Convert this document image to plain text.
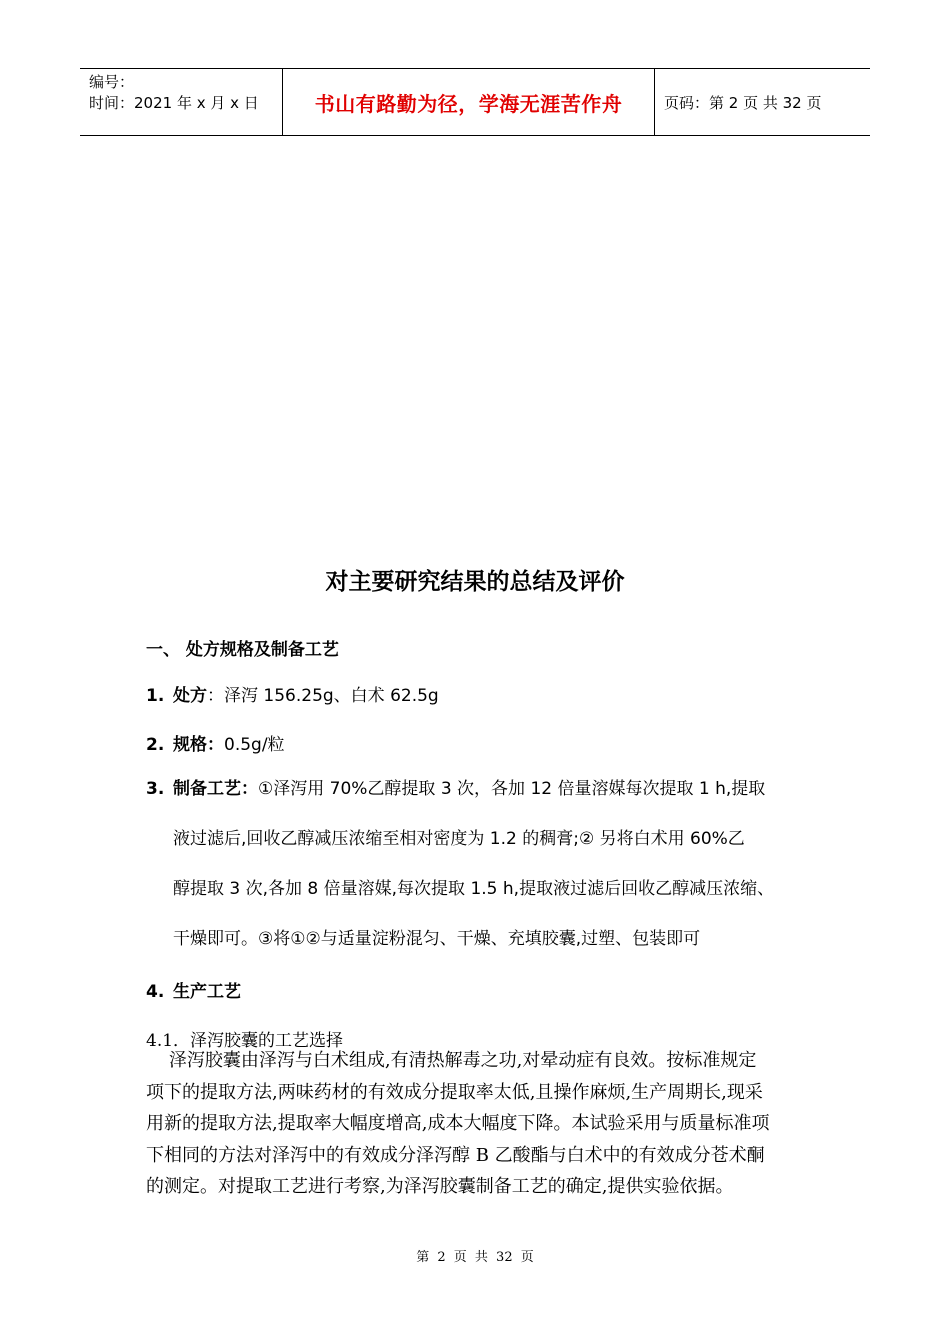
编号：
时间：2021 年 x 月 x 日	书山有路勤为径，学海无涯苦作舟	页码：第 2 页 共 32 页
对主要研究结果的总结及评价
一、 处方规格及制备工艺
1. 处方：泽泻 156.25g、白术 62.5g
2. 规格：0.5g/粒
3. 制备工艺：①泽泻用 70%乙醇提取 3 次，各加 12 倍量溶媒每次提取 1 h,提取
液过滤后,回收乙醇减压浓缩至相对密度为 1.2 的稠膏;② 另将白术用 60%乙
醇提取 3 次,各加 8 倍量溶媒,每次提取 1.5 h,提取液过滤后回收乙醇减压浓缩、
干燥即可。③将①②与适量淀粉混匀、干燥、充填胶囊,过塑、包装即可
4. 生产工艺
4.1．泽泻胶囊的工艺选择
泽泻胶囊由泽泻与白术组成,有清热解毒之功,对晕动症有良效。按标准规定
项下的提取方法,两味药材的有效成分提取率太低,且操作麻烦,生产周期长,现采
用新的提取方法,提取率大幅度增高,成本大幅度下降。本试验采用与质量标准项
下相同的方法对泽泻中的有效成分泽泻醇 B 乙酸酯与白术中的有效成分苍术酮
的测定。对提取工艺进行考察,为泽泻胶囊制备工艺的确定,提供实验依据。
第 2 页 共 32 页
